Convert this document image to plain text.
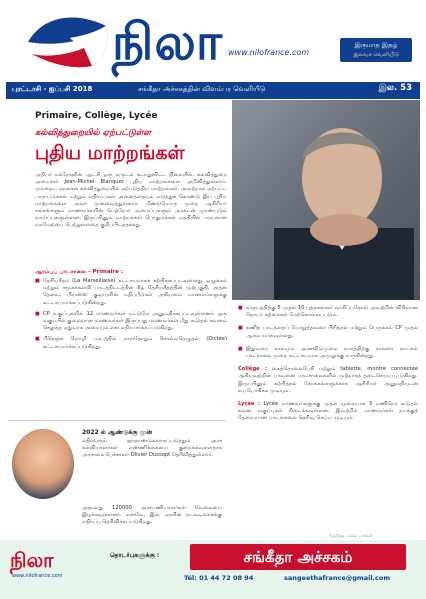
நிலா www.nilofrance.com
இருமாத இதழ்
இலவச வெளியீடு
புரட்டாசி - ஐப்பசி 2018	சங்கீதா அச்சகத்தின் விளம்பர வெளியீடு	இல. 53
Primaire, Collège, Lycée
கல்வித்துறையில் ஏற்பட்டுள்ள
புதிய மாற்றங்கள்
அதிபர் மக்ரோனின் ஆட்சி ஒரு வருடம் கடந்துவிட்ட நிலையில், கல்வித்துறை அமைச்சர் Jean-Michel Blanquer புதிய மாற்றங்களை அறிவித்துள்ளார். முந்தைய அரசுகள் கல்வித்துறையில் ஏற்படுத்திய மாற்றங்கள், அவற்றால் ஏற்பட்ட பாராட்டுக்கள் மற்றும் எதிர்ப்புகள் அனைத்தையும் எடுத்துக் கொண்டு இப் புதிய மாற்றங்களை அவர் முன்வைத்துள்ளார். மீண்டுமொரு முறை ஆசிரியர் சங்கங்களும் மாணவர்களின் பெற்றோர் அமைப்புகளும் அரசுடன் முரண்படும் வாய்ப்புகளுள்ளன. இருப்பினும் மாற்றங்கள் பொதுமக்கள் மத்தியில் பரவலான வரவேற்பை பெற்றுள்ளதை குறிப்பிடத்தக்கது.
ஆரம்பப் பாடசாலை - Primaire :
■ தேசியகீதம் (La Marseillaise) கட்டாயமாகக் கற்பிக்கப்படவுள்ளது. ஒழுக்கம் மற்றும் சமூகக்கல்வி பாடத்திட்டத்தின் கீழ் தேசியகீதத்தின் முற்பகுதி, அதன் தேவை, பிரான்ஸ் குடியரசின் மதிப்பீடுகள் அகியவை மாணவர்களுக்கு கட்டாயமாக்கப்படுகின்றது.
■ CP வகுப்புகளில் 12 மாணவர்கள் மட்டுமே அனுமதிக்கப்படவுள்ளனர். ஒரு வகுப்பில் குறைவான மாணவர்கள் இருப்பது மாணவர்கள் மீது கூடுதல் கவனம் செலுத்த ஏதுவாக அமையும் என எதிர்பார்க்கப்படுகிறது.
■ பிரெஞ்சு மொழி பாடத்தில் நாள்தோறும் சொல்வதெழுதல் (Dictée) கட்டாயமாக்கப்படுகிறது.
2022 ல் ஆண்டுக்கு முன்
எதிர்வரும் ஐந்தாண்டுகளாகப்படுத்தும் அரச கல்வியாளர்கள் எண்ணிக்கையை குறைக்கவுள்ளதாக அரசாங்க பேச்சாளர் Olivier Dussopt தெரிவித்துள்ளார்.
அதாவது 120000 அரசபணியாளர்கள் வேலையை இழக்கவுள்ளனர். எனவே, இவ் அரசின் நடவடிக்கைக்கு எதிர்ப்பு தெரிவிக்கப்படுகிறது.
■ வருடத்திற்கு 5 முதல் 10 புத்தகங்கள் வாசிப்பதோடு அவற்றின் விரிவான தொடர் கற்கைகள் மேற்கொள்ளப்படும்.
■ கணித பாடத்தைப் பொறுத்தவரை பிரித்தல் மற்றும் பெருக்கல் CP முதல் ஆரம்பமாகவுள்ளது.
■ இதுவரை காலமும் அரசுவிடுமுறை வாரத்திற்கு நாலரை நாட்கள் பாடசாலை முறை கட்டாயமாக அமுலுக்கு வருகின்றது.
Collège : கைத்தொலைபேசி மற்றும் tablette, montre connectée ஆகியவற்றின் பாவனை பாடசாலைகளில் முற்றாகத் தடைசெய்யப்படுகிறது. இருப்பினும் கற்பித்தல் நோக்கங்களுக்காக ஆசிரியர் அனுமதியுடன் உபயோகிக்க முடியும்.
Lycée : Lycée மாணவர்களுக்கு முதல் முறையாக 3 மணிநேர கூடுதல் கவன வகுப்புகள் கிடைக்கவுள்ளன. இவற்றில் மாணவர்கள் தமக்குத் தேவையான பாடங்களை தெரிவு செய்ய முடியும்.
(அடுத்த பக்கம் பார்க்க)
நிலா
www.nilofrance.com
தொடர்புகளுக்கு :	சங்கீதா அச்சகம்
Tél: 01 44 72 08 94	sangeethafrance@gmail.com
